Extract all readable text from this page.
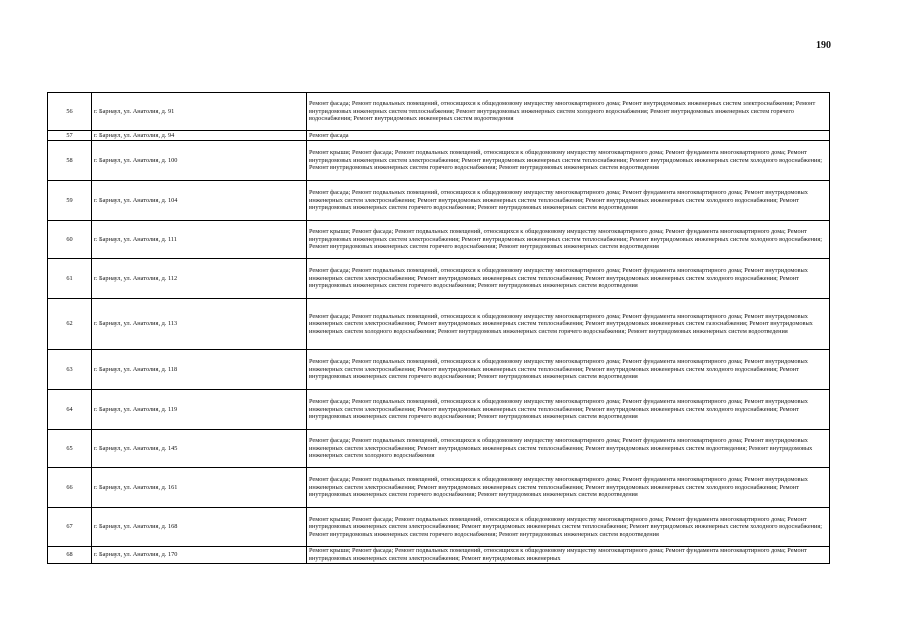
190
56	г. Барнаул, ул. Анатолия, д. 91	Ремонт фасада; Ремонт подвальных помещений, относящихся к общедомовому имуществу многоквартирного дома; Ремонт внутридомовых инженерных систем электроснабжения; Ремонт внутридомовых инженерных систем теплоснабжения; Ремонт внутридомовых инженерных систем холодного водоснабжения; Ремонт внутридомовых инженерных систем горячего водоснабжения; Ремонт внутридомовых инженерных систем водоотведения
57	г. Барнаул, ул. Анатолия, д. 94	Ремонт фасада
58	г. Барнаул, ул. Анатолия, д. 100	Ремонт крыши; Ремонт фасада; Ремонт подвальных помещений, относящихся к общедомовому имуществу многоквартирного дома; Ремонт фундамента многоквартирного дома; Ремонт внутридомовых инженерных систем электроснабжения; Ремонт внутридомовых инженерных систем теплоснабжения; Ремонт внутридомовых инженерных систем холодного водоснабжения; Ремонт внутридомовых инженерных систем горячего водоснабжения; Ремонт внутридомовых инженерных систем водоотведения
59	г. Барнаул, ул. Анатолия, д. 104	Ремонт фасада; Ремонт подвальных помещений, относящихся к общедомовому имуществу многоквартирного дома; Ремонт фундамента многоквартирного дома; Ремонт внутридомовых инженерных систем электроснабжения; Ремонт внутридомовых инженерных систем теплоснабжения; Ремонт внутридомовых инженерных систем холодного водоснабжения; Ремонт внутридомовых инженерных систем горячего водоснабжения; Ремонт внутридомовых инженерных систем водоотведения
60	г. Барнаул, ул. Анатолия, д. 111	Ремонт крыши; Ремонт фасада; Ремонт подвальных помещений, относящихся к общедомовому имуществу многоквартирного дома; Ремонт фундамента многоквартирного дома; Ремонт внутридомовых инженерных систем электроснабжения; Ремонт внутридомовых инженерных систем теплоснабжения; Ремонт внутридомовых инженерных систем холодного водоснабжения; Ремонт внутридомовых инженерных систем горячего водоснабжения; Ремонт внутридомовых инженерных систем водоотведения
61	г. Барнаул, ул. Анатолия, д. 112	Ремонт фасада; Ремонт подвальных помещений, относящихся к общедомовому имуществу многоквартирного дома; Ремонт фундамента многоквартирного дома; Ремонт внутридомовых инженерных систем электроснабжения; Ремонт внутридомовых инженерных систем теплоснабжения; Ремонт внутридомовых инженерных систем холодного водоснабжения; Ремонт внутридомовых инженерных систем горячего водоснабжения; Ремонт внутридомовых инженерных систем водоотведения
62	г. Барнаул, ул. Анатолия, д. 113	Ремонт фасада; Ремонт подвальных помещений, относящихся к общедомовому имуществу многоквартирного дома; Ремонт фундамента многоквартирного дома; Ремонт внутридомовых инженерных систем электроснабжения; Ремонт внутридомовых инженерных систем теплоснабжения; Ремонт внутридомовых инженерных систем газоснабжения; Ремонт внутридомовых инженерных систем холодного водоснабжения; Ремонт внутридомовых инженерных систем горячего водоснабжения; Ремонт внутридомовых инженерных систем водоотведения
63	г. Барнаул, ул. Анатолия, д. 118	Ремонт фасада; Ремонт подвальных помещений, относящихся к общедомовому имуществу многоквартирного дома; Ремонт фундамента многоквартирного дома; Ремонт внутридомовых инженерных систем электроснабжения; Ремонт внутридомовых инженерных систем теплоснабжения; Ремонт внутридомовых инженерных систем холодного водоснабжения; Ремонт внутридомовых инженерных систем горячего водоснабжения; Ремонт внутридомовых инженерных систем водоотведения
64	г. Барнаул, ул. Анатолия, д. 119	Ремонт фасада; Ремонт подвальных помещений, относящихся к общедомовому имуществу многоквартирного дома; Ремонт фундамента многоквартирного дома; Ремонт внутридомовых инженерных систем электроснабжения; Ремонт внутридомовых инженерных систем теплоснабжения; Ремонт внутридомовых инженерных систем холодного водоснабжения; Ремонт внутридомовых инженерных систем горячего водоснабжения; Ремонт внутридомовых инженерных систем водоотведения
65	г. Барнаул, ул. Анатолия, д. 145	Ремонт фасада; Ремонт подвальных помещений, относящихся к общедомовому имуществу многоквартирного дома; Ремонт фундамента многоквартирного дома; Ремонт внутридомовых инженерных систем электроснабжения; Ремонт внутридомовых инженерных систем теплоснабжения; Ремонт внутридомовых инженерных систем водоотведения; Ремонт внутридомовых инженерных систем холодного водоснабжения
66	г. Барнаул, ул. Анатолия, д. 161	Ремонт фасада; Ремонт подвальных помещений, относящихся к общедомовому имуществу многоквартирного дома; Ремонт фундамента многоквартирного дома; Ремонт внутридомовых инженерных систем электроснабжения; Ремонт внутридомовых инженерных систем теплоснабжения; Ремонт внутридомовых инженерных систем холодного водоснабжения; Ремонт внутридомовых инженерных систем горячего водоснабжения; Ремонт внутридомовых инженерных систем водоотведения
67	г. Барнаул, ул. Анатолия, д. 168	Ремонт крыши; Ремонт фасада; Ремонт подвальных помещений, относящихся к общедомовому имуществу многоквартирного дома; Ремонт фундамента многоквартирного дома; Ремонт внутридомовых инженерных систем электроснабжения; Ремонт внутридомовых инженерных систем теплоснабжения; Ремонт внутридомовых инженерных систем холодного водоснабжения; Ремонт внутридомовых инженерных систем горячего водоснабжения; Ремонт внутридомовых инженерных систем водоотведения
68	г. Барнаул, ул. Анатолия, д. 170	Ремонт крыши; Ремонт фасада; Ремонт подвальных помещений, относящихся к общедомовому имуществу многоквартирного дома; Ремонт фундамента многоквартирного дома; Ремонт внутридомовых инженерных систем электроснабжения; Ремонт внутридомовых инженерных
